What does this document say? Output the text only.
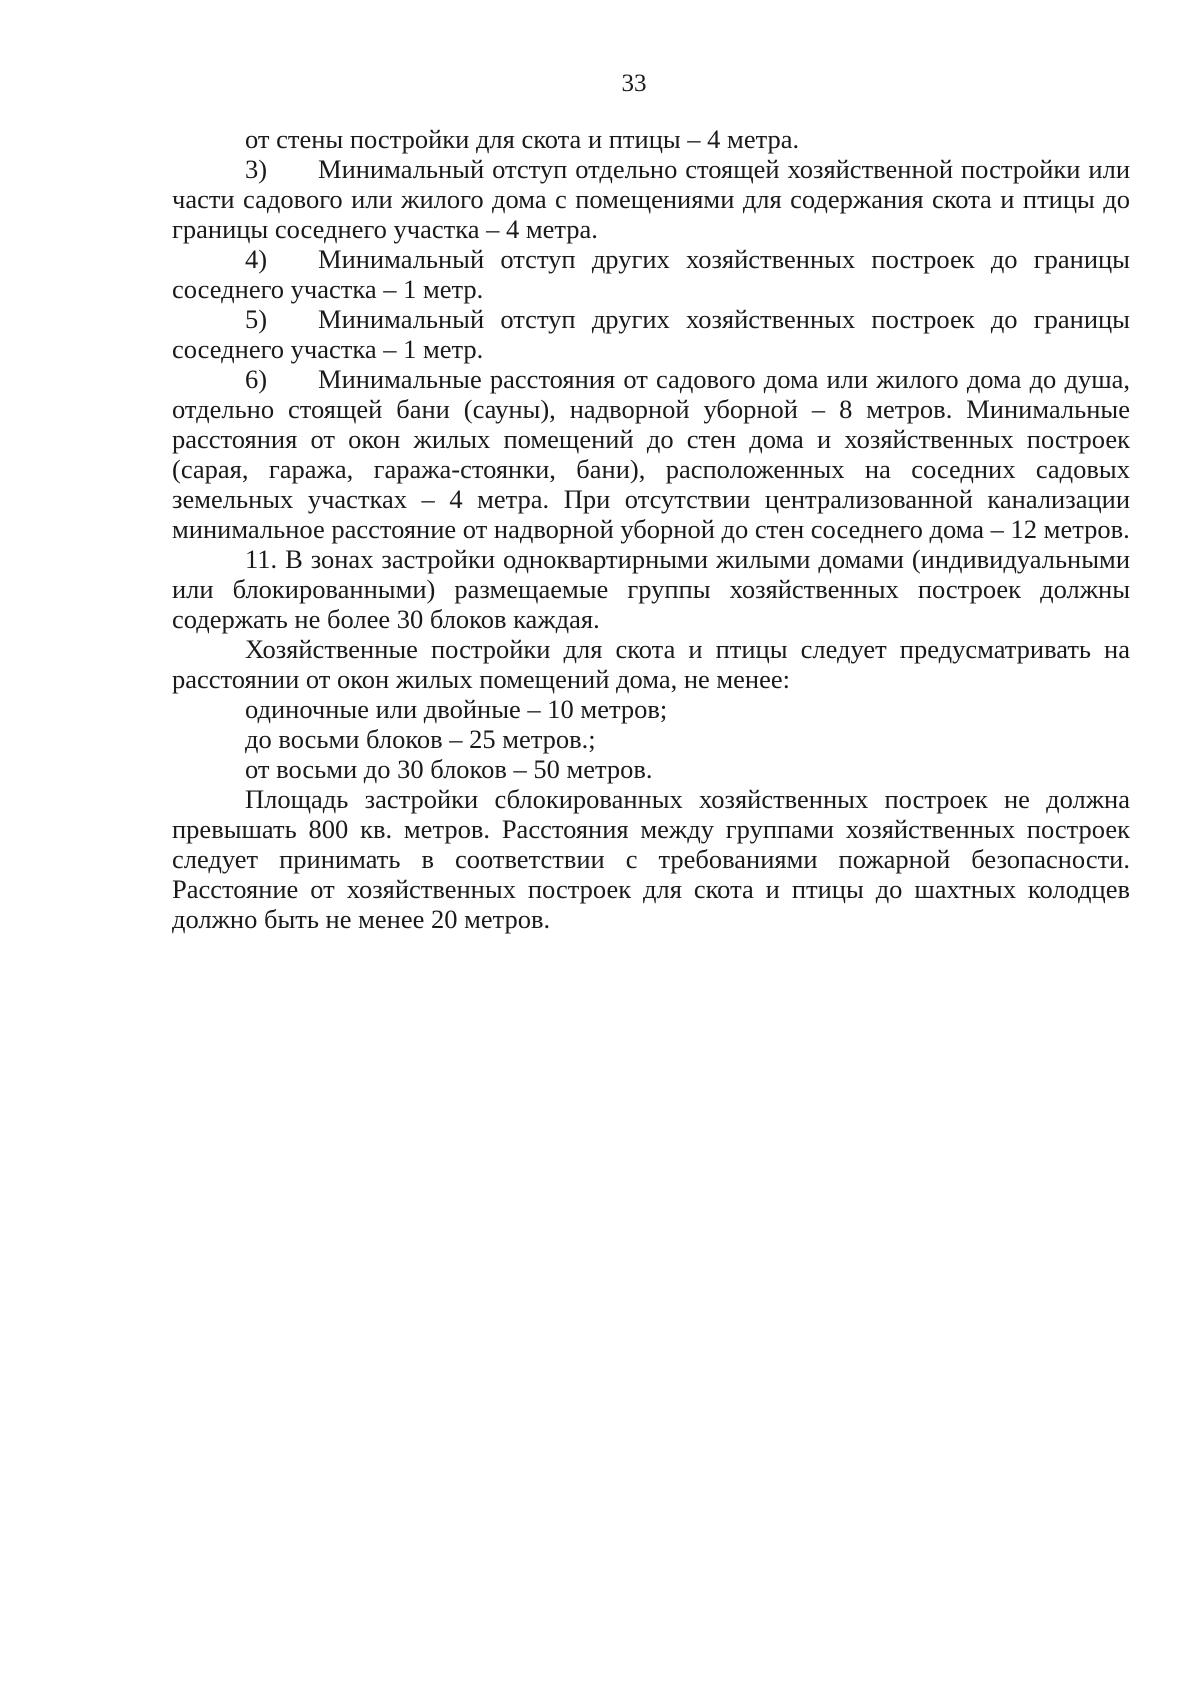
33

от стены постройки для скота и птицы – 4 метра.

3) Минимальный отступ отдельно стоящей хозяйственной постройки или части садового или жилого дома с помещениями для содержания скота и птицы до границы соседнего участка – 4 метра.

4) Минимальный отступ других хозяйственных построек до границы соседнего участка – 1 метр.

5) Минимальный отступ других хозяйственных построек до границы соседнего участка – 1 метр.

6) Минимальные расстояния от садового дома или жилого дома до душа, отдельно стоящей бани (сауны), надворной уборной – 8 метров. Минимальные расстояния от окон жилых помещений до стен дома и хозяйственных построек (сарая, гаража, гаража-стоянки, бани), расположенных на соседних садовых земельных участках – 4 метра. При отсутствии централизованной канализации минимальное расстояние от надворной уборной до стен соседнего дома – 12 метров.

11. В зонах застройки одноквартирными жилыми домами (индивидуальными или блокированными) размещаемые группы хозяйственных построек должны содержать не более 30 блоков каждая.

Хозяйственные постройки для скота и птицы следует предусматривать на расстоянии от окон жилых помещений дома, не менее:

одиночные или двойные – 10 метров;

до восьми блоков – 25 метров.;

от восьми до 30 блоков – 50 метров.

Площадь застройки сблокированных хозяйственных построек не должна превышать 800 кв. метров. Расстояния между группами хозяйственных построек следует принимать в соответствии с требованиями пожарной безопасности. Расстояние от хозяйственных построек для скота и птицы до шахтных колодцев должно быть не менее 20 метров.
